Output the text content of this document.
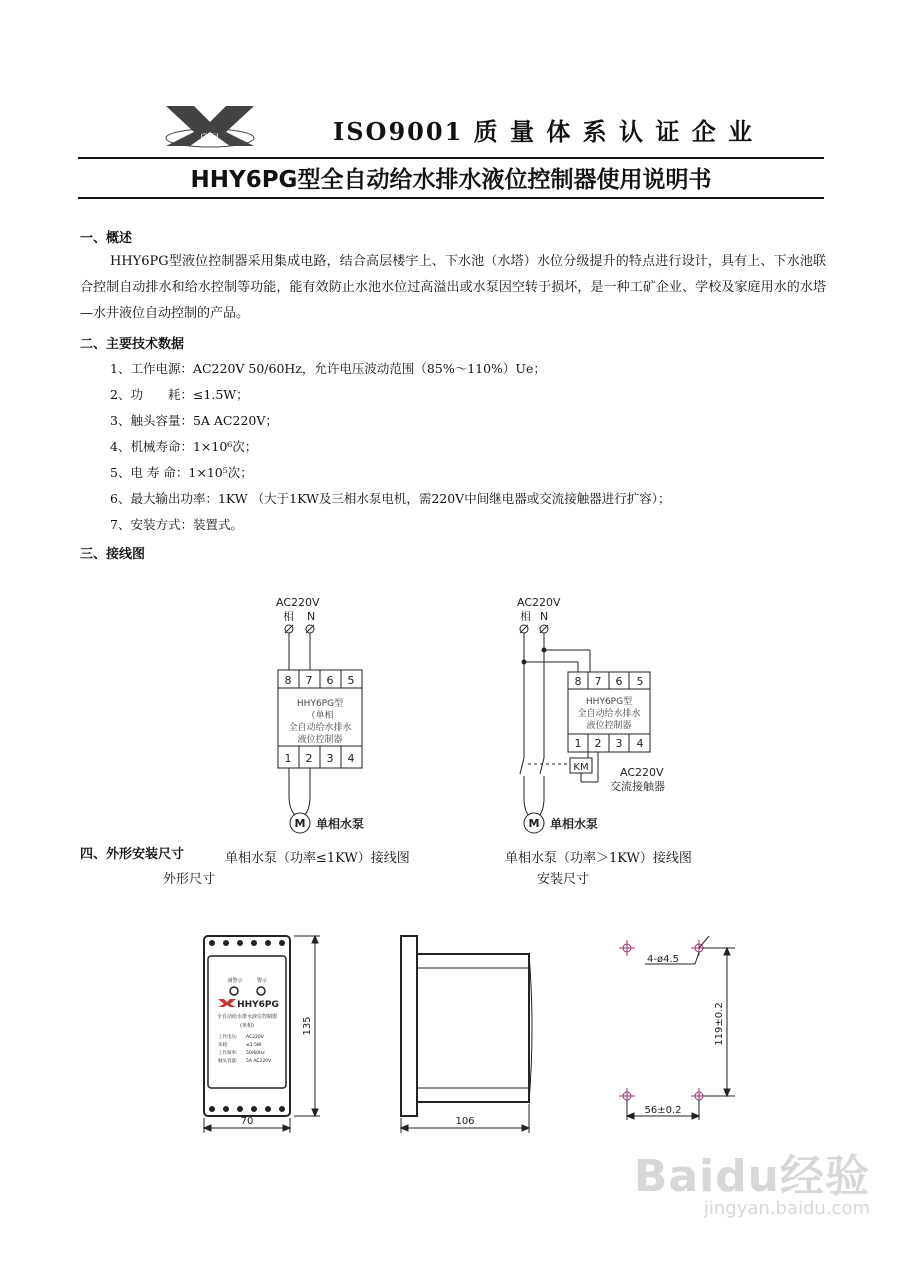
欣灵	ISO9001 质 量 体 系 认 证 企 业
HHY6PG型全自动给水排水液位控制器使用说明书
一、概述
HHY6PG型液位控制器采用集成电路，结合高层楼宇上、下水池（水塔）水位分级提升的特点进行设计，具有上、下水池联合控制自动排水和给水控制等功能，能有效防止水池水位过高溢出或水泵因空转于损坏，是一种工矿企业、学校及家庭用水的水塔—水井液位自动控制的产品。
二、主要技术数据
1、工作电源：AC220V 50/60Hz，允许电压波动范围（85%～110%）Ue；
2、功　　耗：≤1.5W；
3、触头容量：5A AC220V；
4、机械寿命：1×10⁶次；
5、电 寿 命：1×10⁵次；
6、最大输出功率：1KW （大于1KW及三相水泵电机，需220V中间继电器或交流接触器进行扩容）；
7、安装方式：装置式。
三、接线图
AC220V
相 N
8 7 6 5
HHY6PG型
（单相
全自动给水排水
液位控制器
1 2 3 4
M 单相水泵
单相水泵（功率≤1KW）接线图
AC220V
相 N
8 7 6 5
HHY6PG型
全自动给水排水
液位控制器
1 2 3 4
KM	AC220V
交流接触器
M 单相水泵
单相水泵（功率＞1KW）接线图
四、外形安装尺寸
外形尺寸	安装尺寸
满警示	警示
HHY6PG
全自动给水排水液位控制器
(单相)
工作电压: AC220V
功耗:	≤1.5W
工作频率: 50/60Hz
触头容量: 5A AC220V
135
70	106
4-ø4.5
119±0.2
56±0.2
Baidu经验
jingyan.baidu.com
